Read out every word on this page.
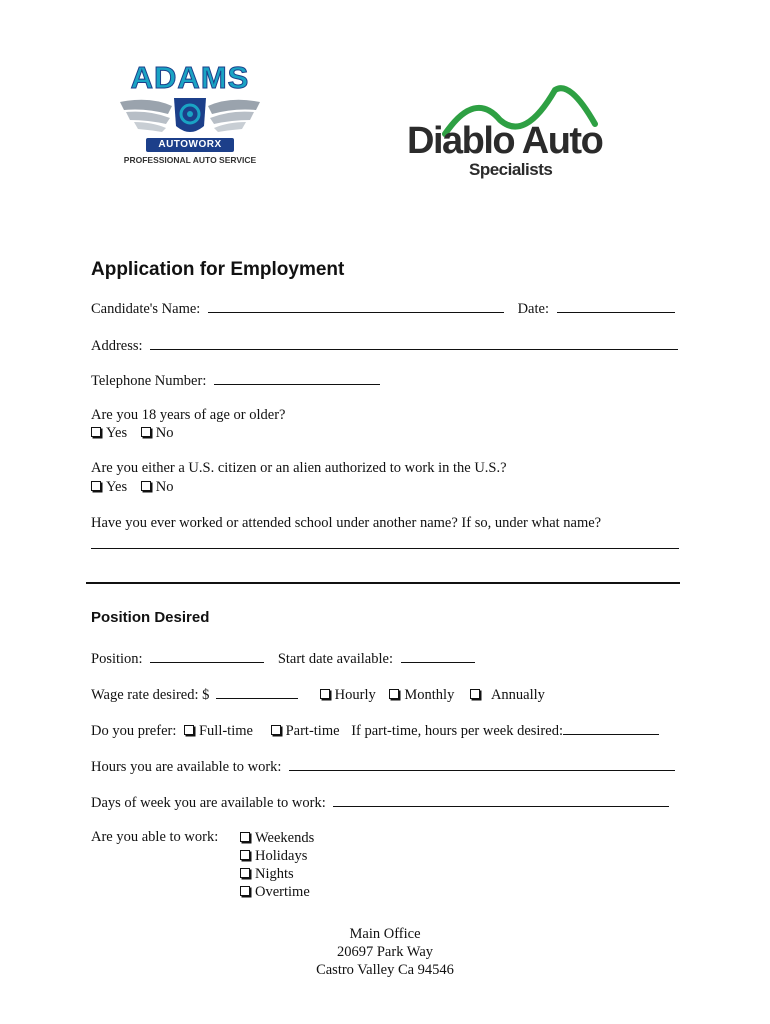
ADAMS
AUTOWORX
PROFESSIONAL AUTO SERVICE	Diablo Auto
Specialists
Application for Employment
Candidate's Name:	Date:
Address:
Telephone Number:
Are you 18 years of age or older?
Yes No
Are you either a U.S. citizen or an alien authorized to work in the U.S.?
Yes No
Have you ever worked or attended school under another name? If so, under what name?
Position Desired
Position:	Start date available:
Wage rate desired: $	Hourly Monthly	Annually
Do you prefer: Full-time Part-time If part-time, hours per week desired:
Hours you are available to work:
Days of week you are available to work:
Are you able to work:	Weekends
Holidays
Nights
Overtime
Main Office
20697 Park Way
Castro Valley Ca 94546
